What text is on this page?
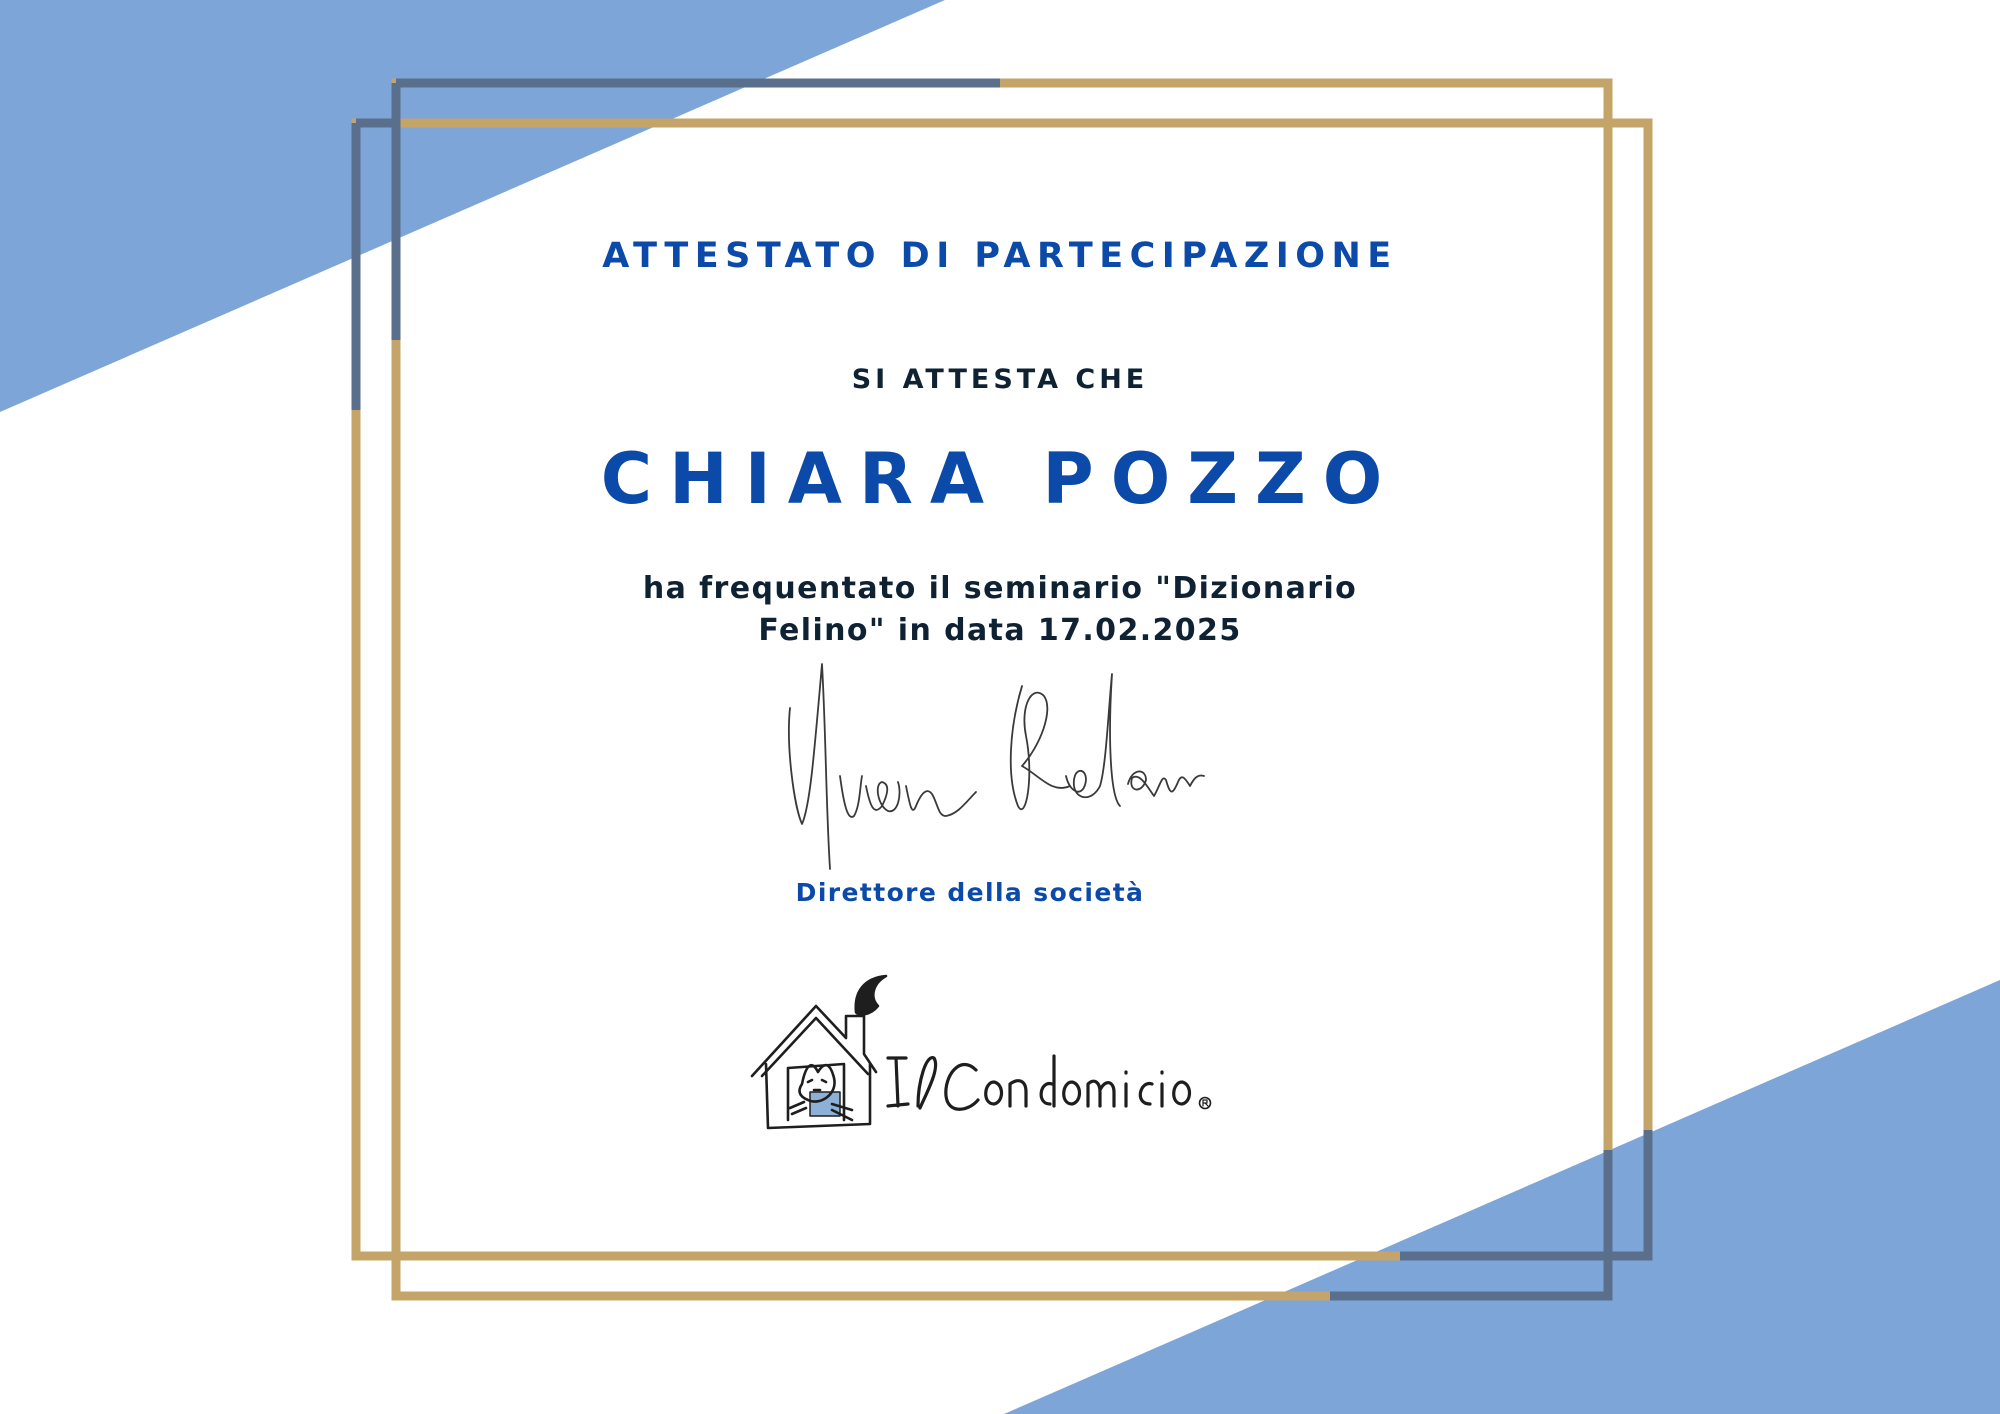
ATTESTATO DI PARTECIPAZIONE
SI ATTESTA CHE
CHIARA POZZO
ha frequentato il seminario "Dizionario Felino" in data 17.02.2025
Direttore della società
